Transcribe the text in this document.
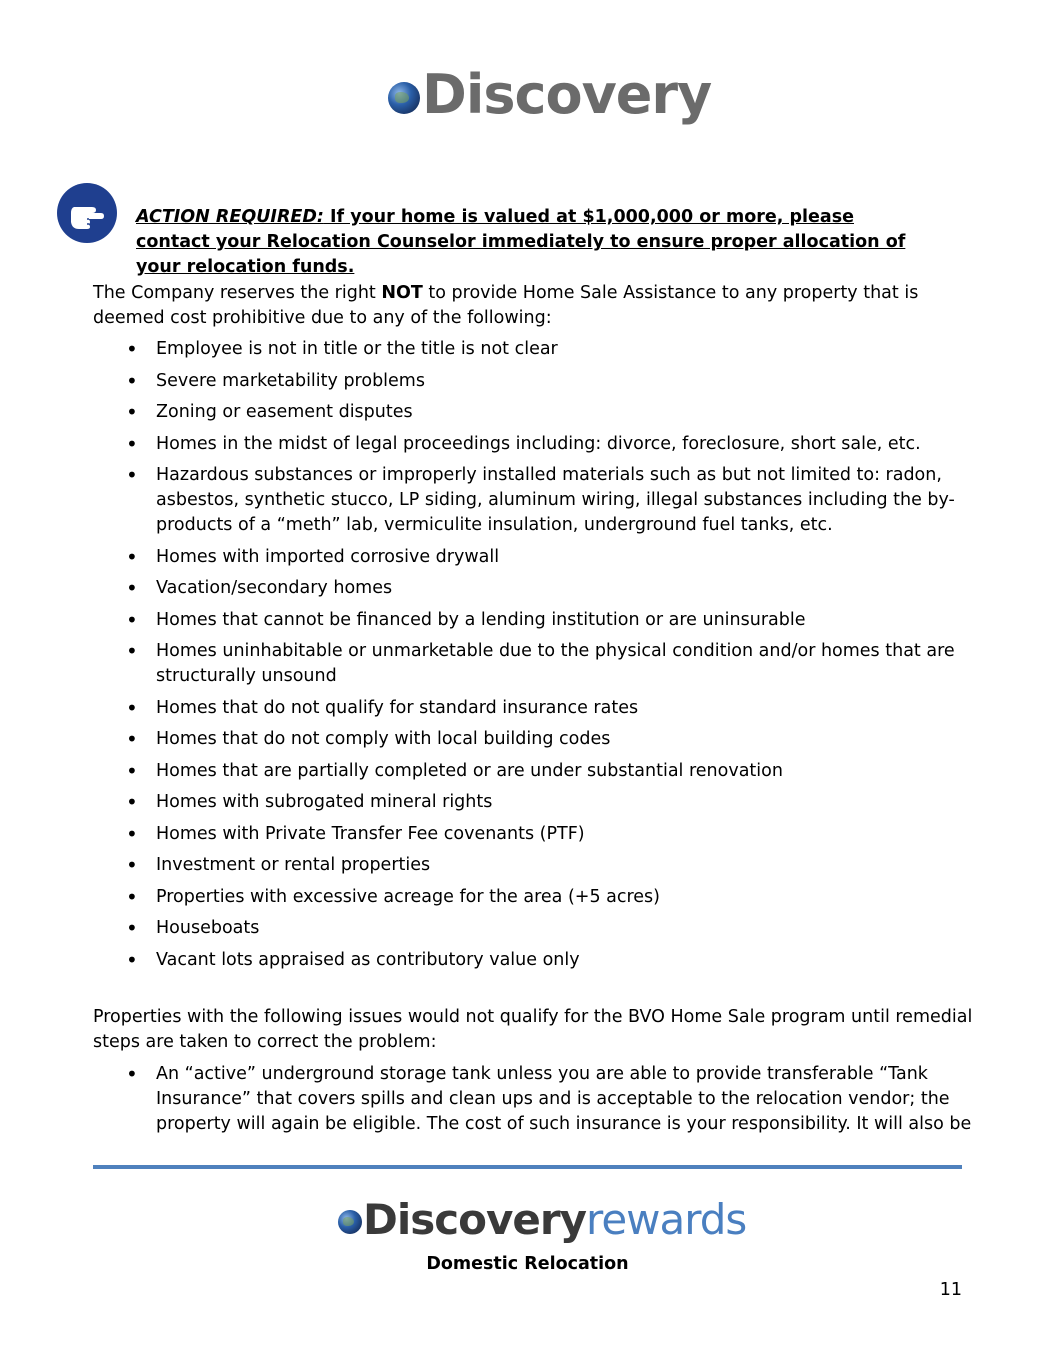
Discovery
ACTION REQUIRED: If your home is valued at $1,000,000 or more, please contact your Relocation Counselor immediately to ensure proper allocation of your relocation funds.
The Company reserves the right NOT to provide Home Sale Assistance to any property that is deemed cost prohibitive due to any of the following:
• Employee is not in title or the title is not clear
• Severe marketability problems
• Zoning or easement disputes
• Homes in the midst of legal proceedings including: divorce, foreclosure, short sale, etc.
• Hazardous substances or improperly installed materials such as but not limited to: radon, asbestos, synthetic stucco, LP siding, aluminum wiring, illegal substances including the by-products of a “meth” lab, vermiculite insulation, underground fuel tanks, etc.
• Homes with imported corrosive drywall
• Vacation/secondary homes
• Homes that cannot be financed by a lending institution or are uninsurable
• Homes uninhabitable or unmarketable due to the physical condition and/or homes that are structurally unsound
• Homes that do not qualify for standard insurance rates
• Homes that do not comply with local building codes
• Homes that are partially completed or are under substantial renovation
• Homes with subrogated mineral rights
• Homes with Private Transfer Fee covenants (PTF)
• Investment or rental properties
• Properties with excessive acreage for the area (+5 acres)
• Houseboats
• Vacant lots appraised as contributory value only
Properties with the following issues would not qualify for the BVO Home Sale program until remedial steps are taken to correct the problem:
• An “active” underground storage tank unless you are able to provide transferable “Tank Insurance” that covers spills and clean ups and is acceptable to the relocation vendor; the property will again be eligible. The cost of such insurance is your responsibility. It will also be
Discovery rewards
Domestic Relocation
11
